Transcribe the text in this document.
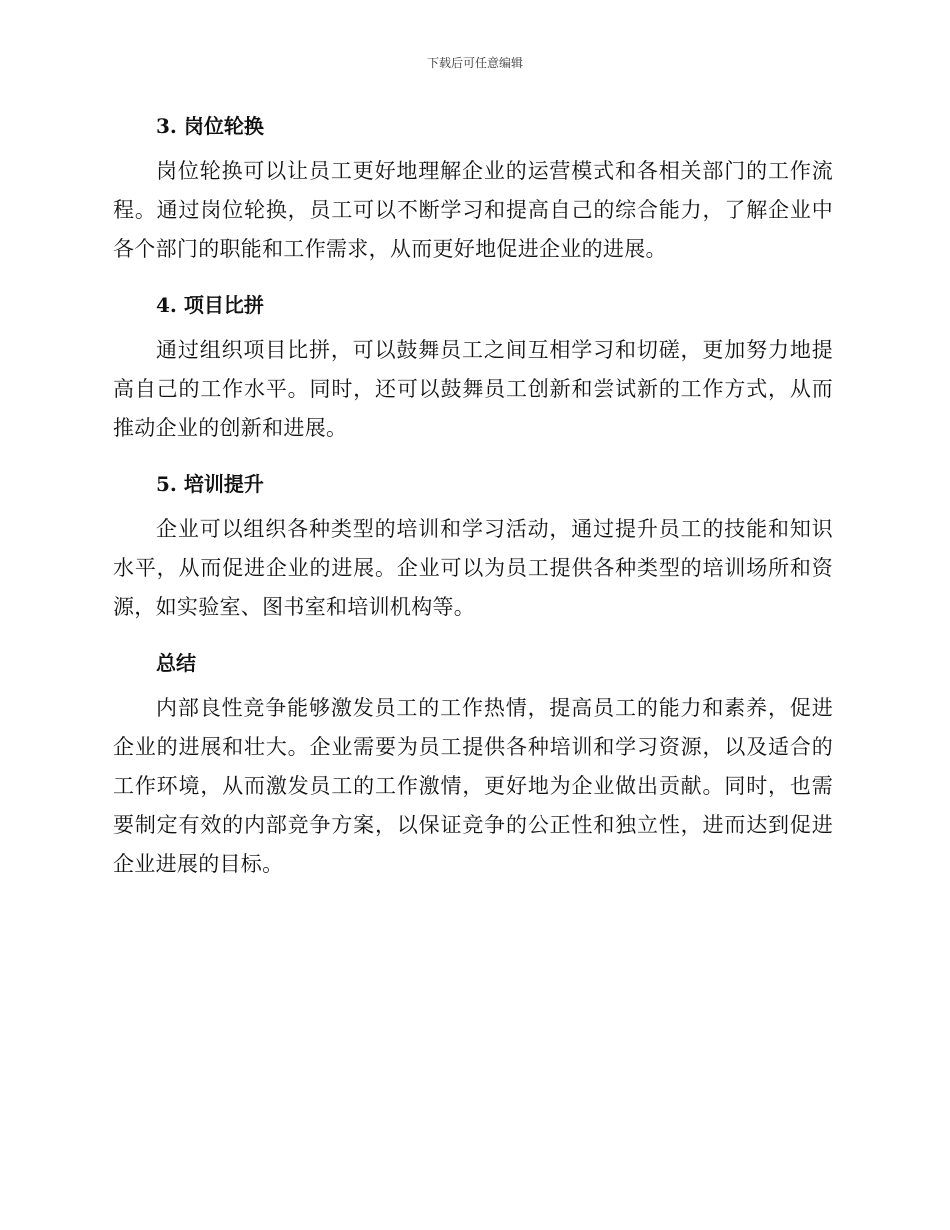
下载后可任意编辑
3. 岗位轮换

岗位轮换可以让员工更好地理解企业的运营模式和各相关部门的工作流程。通过岗位轮换，员工可以不断学习和提高自己的综合能力，了解企业中各个部门的职能和工作需求，从而更好地促进企业的进展。

4. 项目比拼

通过组织项目比拼，可以鼓舞员工之间互相学习和切磋，更加努力地提高自己的工作水平。同时，还可以鼓舞员工创新和尝试新的工作方式，从而推动企业的创新和进展。

5. 培训提升

企业可以组织各种类型的培训和学习活动，通过提升员工的技能和知识水平，从而促进企业的进展。企业可以为员工提供各种类型的培训场所和资源，如实验室、图书室和培训机构等。

总结

内部良性竞争能够激发员工的工作热情，提高员工的能力和素养，促进企业的进展和壮大。企业需要为员工提供各种培训和学习资源，以及适合的工作环境，从而激发员工的工作激情，更好地为企业做出贡献。同时，也需要制定有效的内部竞争方案，以保证竞争的公正性和独立性，进而达到促进企业进展的目标。
